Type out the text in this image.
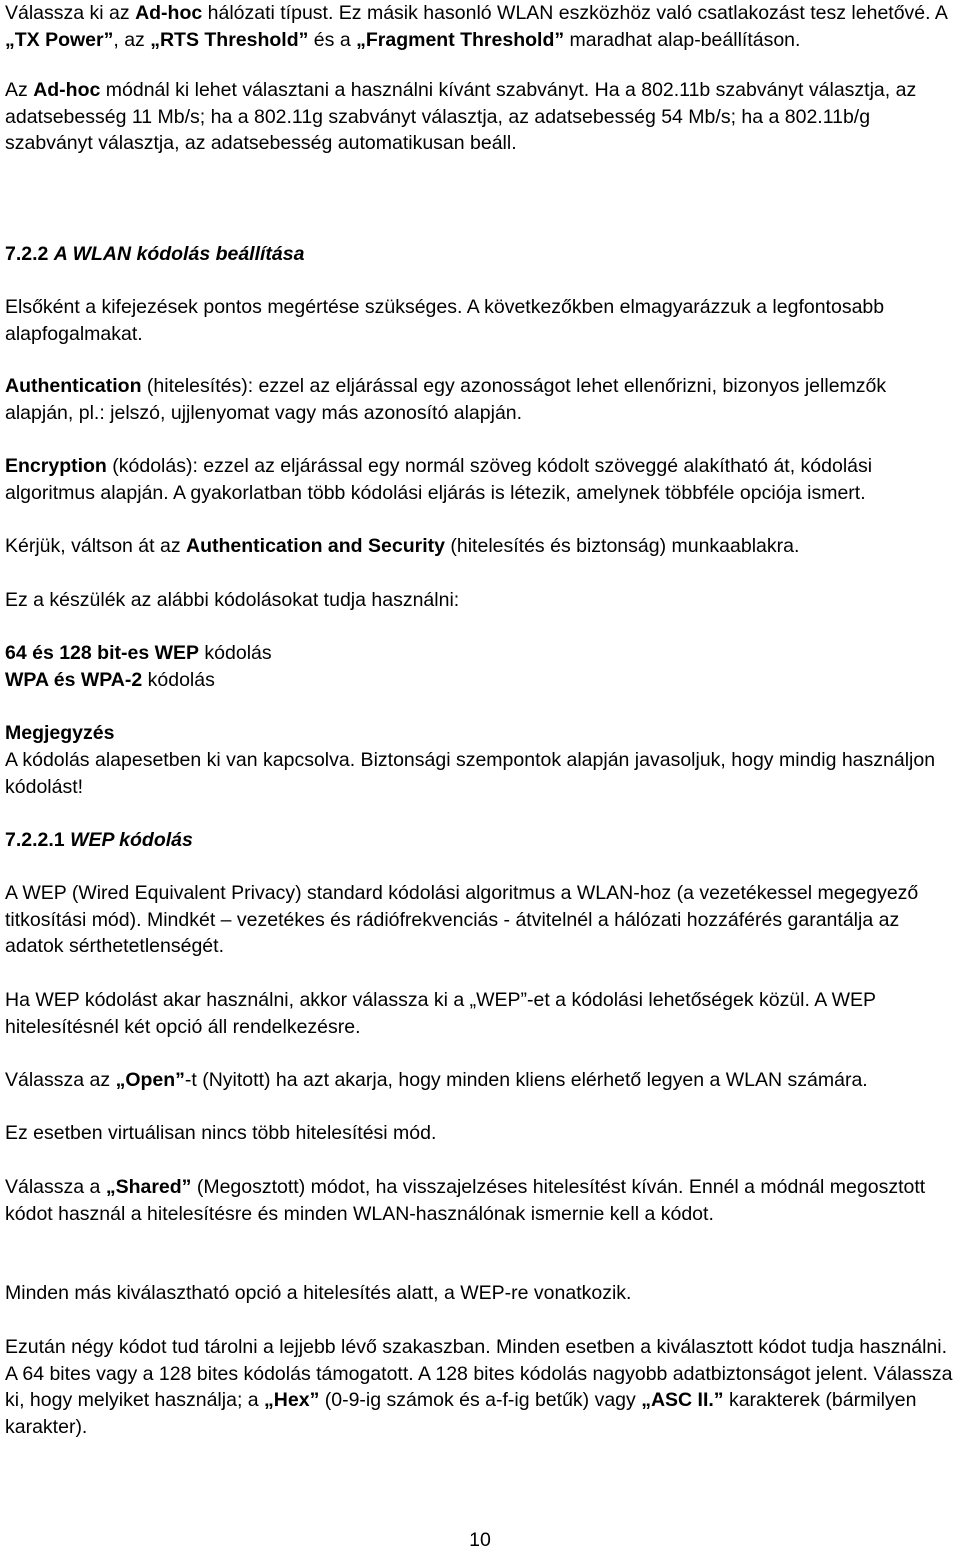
Válassza ki az Ad-hoc hálózati típust. Ez másik hasonló WLAN eszközhöz való csatlakozást tesz lehetővé. A „TX Power”, az „RTS Threshold” és a „Fragment Threshold” maradhat alap-beállításon.

Az Ad-hoc módnál ki lehet választani a használni kívánt szabványt. Ha a 802.11b szabványt választja, az adatsebesség 11 Mb/s; ha a 802.11g szabványt választja, az adatsebesség 54 Mb/s; ha a 802.11b/g szabványt választja, az adatsebesség automatikusan beáll.

7.2.2 A WLAN kódolás beállítása

Elsőként a kifejezések pontos megértése szükséges. A következőkben elmagyarázzuk a legfontosabb alapfogalmakat.

Authentication (hitelesítés): ezzel az eljárással egy azonosságot lehet ellenőrizni, bizonyos jellemzők alapján, pl.: jelszó, ujjlenyomat vagy más azonosító alapján.

Encryption (kódolás): ezzel az eljárással egy normál szöveg kódolt szöveggé alakítható át, kódolási algoritmus alapján. A gyakorlatban több kódolási eljárás is létezik, amelynek többféle opciója ismert.

Kérjük, váltson át az Authentication and Security (hitelesítés és biztonság) munkaablakra.

Ez a készülék az alábbi kódolásokat tudja használni:

64 és 128 bit-es WEP kódolás

WPA és WPA-2 kódolás

Megjegyzés

A kódolás alapesetben ki van kapcsolva. Biztonsági szempontok alapján javasoljuk, hogy mindig használjon kódolást!

7.2.2.1 WEP kódolás

A WEP (Wired Equivalent Privacy) standard kódolási algoritmus a WLAN-hoz (a vezetékessel megegyező titkosítási mód). Mindkét – vezetékes és rádiófrekvenciás - átvitelnél a hálózati hozzáférés garantálja az adatok sérthetetlenségét.

Ha WEP kódolást akar használni, akkor válassza ki a „WEP”-et a kódolási lehetőségek közül. A WEP hitelesítésnél két opció áll rendelkezésre.

Válassza az „Open”-t (Nyitott) ha azt akarja, hogy minden kliens elérhető legyen a WLAN számára.

Ez esetben virtuálisan nincs több hitelesítési mód.

Válassza a „Shared” (Megosztott) módot, ha visszajelzéses hitelesítést kíván. Ennél a módnál megosztott kódot használ a hitelesítésre és minden WLAN-használónak ismernie kell a kódot.

Minden más kiválasztható opció a hitelesítés alatt, a WEP-re vonatkozik.

Ezután négy kódot tud tárolni a lejjebb lévő szakaszban. Minden esetben a kiválasztott kódot tudja használni. A 64 bites vagy a 128 bites kódolás támogatott. A 128 bites kódolás nagyobb adatbiztonságot jelent. Válassza ki, hogy melyiket használja; a „Hex” (0-9-ig számok és a-f-ig betűk) vagy „ASC II.” karakterek (bármilyen karakter).

10
